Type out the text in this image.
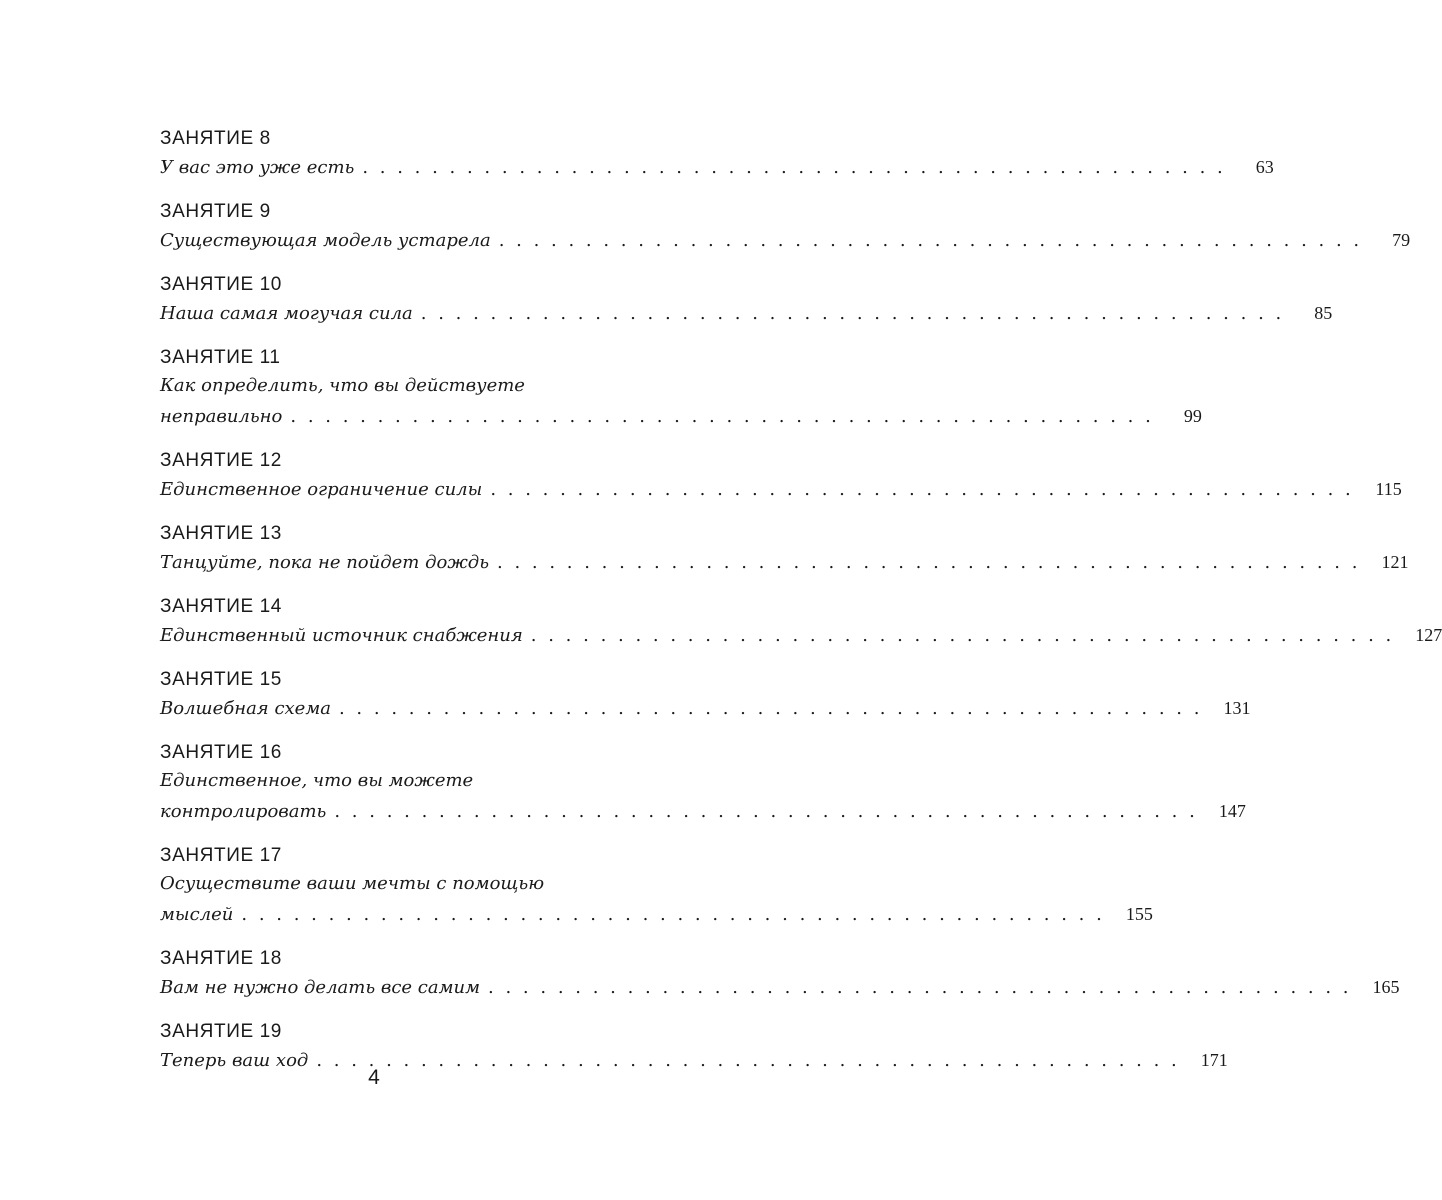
ЗАНЯТИЕ 8
У вас это уже есть . . . . . . . . . . . . . . . . . . . . . . . . . . . . . . . . . . . . . . . . . . . . . . . . . .	63
ЗАНЯТИЕ 9
Существующая модель устарела . . . . . . . . . . . . . . . . . . . . . . . . . . . . . . . . . . . . . . . . . . . . . . . . . .	79
ЗАНЯТИЕ 10
Наша самая могучая сила . . . . . . . . . . . . . . . . . . . . . . . . . . . . . . . . . . . . . . . . . . . . . . . . . .	85
ЗАНЯТИЕ 11
Как определить, что вы действуете
неправильно . . . . . . . . . . . . . . . . . . . . . . . . . . . . . . . . . . . . . . . . . . . . . . . . . .	99
ЗАНЯТИЕ 12
Единственное ограничение силы . . . . . . . . . . . . . . . . . . . . . . . . . . . . . . . . . . . . . . . . . . . . . . . . . .	115
ЗАНЯТИЕ 13
Танцуйте, пока не пойдет дождь . . . . . . . . . . . . . . . . . . . . . . . . . . . . . . . . . . . . . . . . . . . . . . . . . .	121
ЗАНЯТИЕ 14
Единственный источник снабжения . . . . . . . . . . . . . . . . . . . . . . . . . . . . . . . . . . . . . . . . . . . . . . . . . .	127
ЗАНЯТИЕ 15
Волшебная схема . . . . . . . . . . . . . . . . . . . . . . . . . . . . . . . . . . . . . . . . . . . . . . . . . .	131
ЗАНЯТИЕ 16
Единственное, что вы можете
контролировать . . . . . . . . . . . . . . . . . . . . . . . . . . . . . . . . . . . . . . . . . . . . . . . . . .	147
ЗАНЯТИЕ 17
Осуществите ваши мечты с помощью
мыслей . . . . . . . . . . . . . . . . . . . . . . . . . . . . . . . . . . . . . . . . . . . . . . . . . .	155
ЗАНЯТИЕ 18
Вам не нужно делать все самим . . . . . . . . . . . . . . . . . . . . . . . . . . . . . . . . . . . . . . . . . . . . . . . . . .	165
ЗАНЯТИЕ 19
Теперь ваш ход . . . . . . . . . . . . . . . . . . . . . . . . . . . . . . . . . . . . . . . . . . . . . . . . . .	171
4
